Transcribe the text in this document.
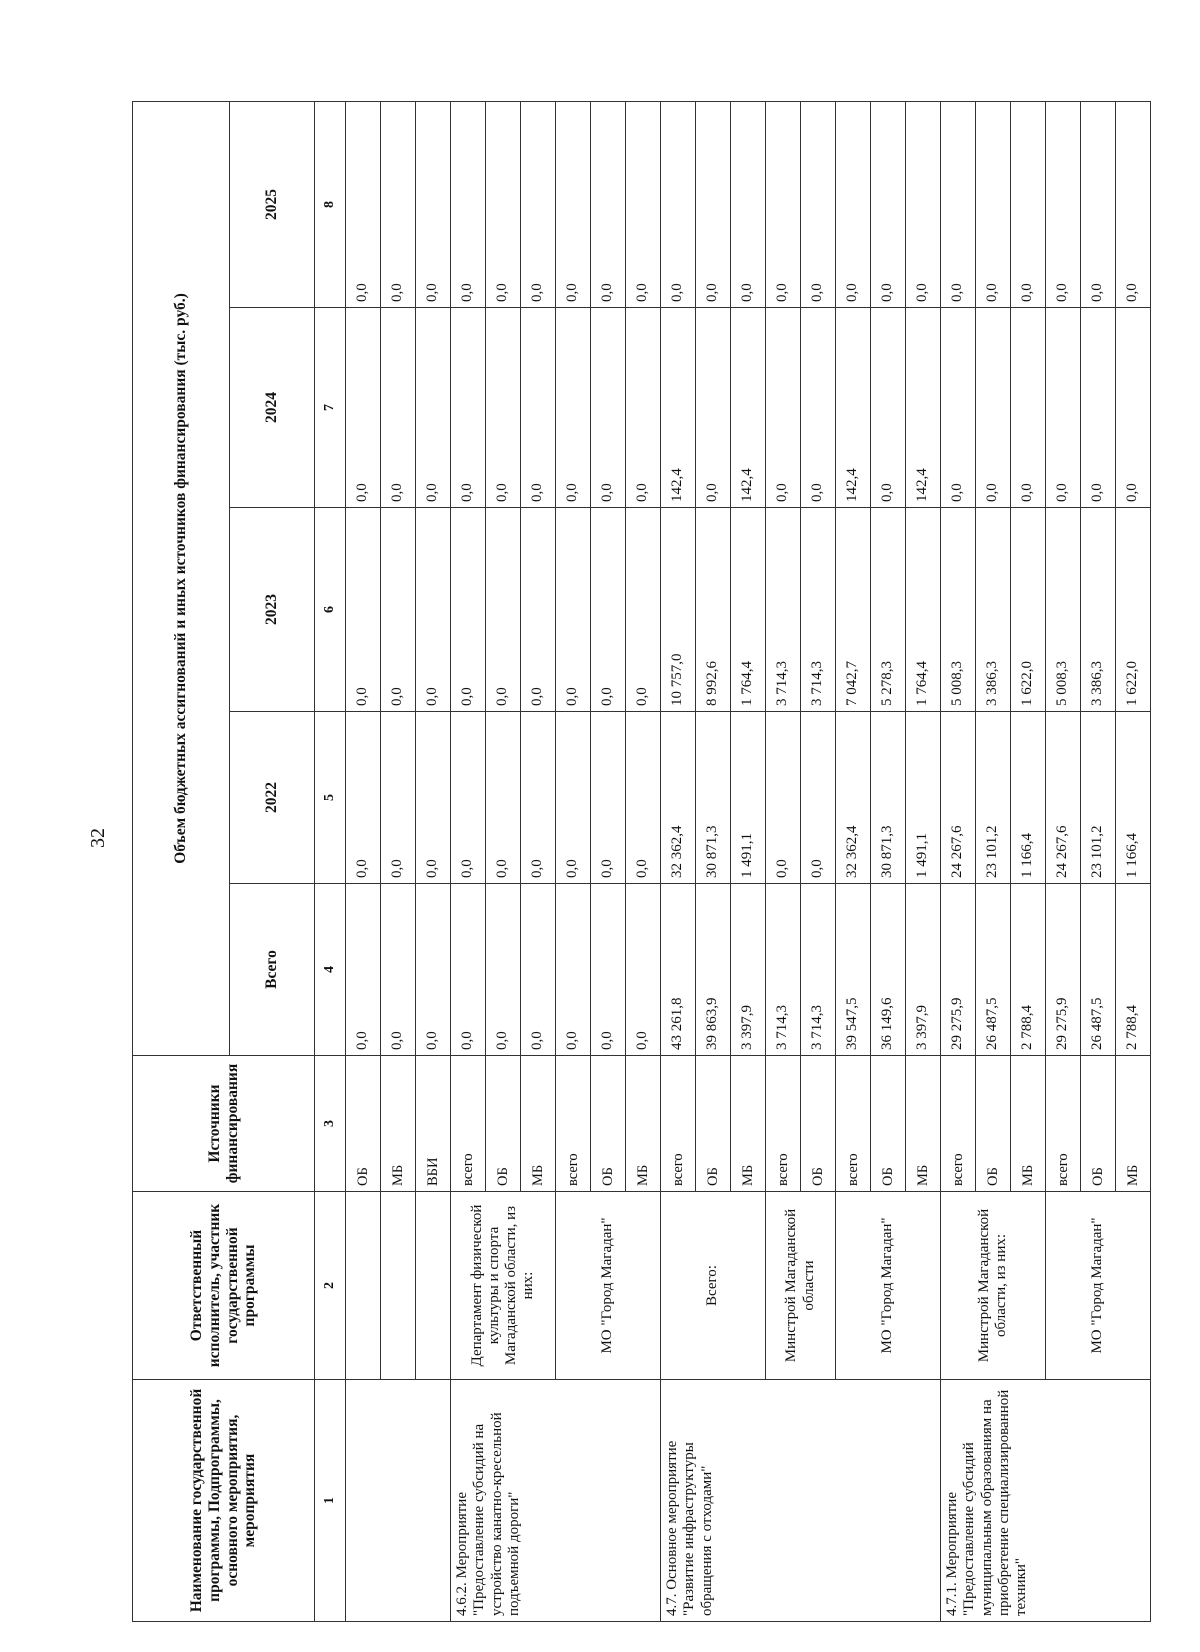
32
Наименование государственной программы, Подпрограммы, основного мероприятия, мероприятия	Ответственный исполнитель, участник государственной программы	Источники финансирования	Объем бюджетных ассигнований и иных источников финансирования (тыс. руб.)				
			Всего	2022	2023	2024	2025
1	2	3	4	5	6	7	8
		ОБ	0,0	0,0	0,0	0,0	0,0
		МБ	0,0	0,0	0,0	0,0	0,0
		ВБИ	0,0	0,0	0,0	0,0	0,0
4.6.2. Мероприятие "Предоставление субсидий на устройство канатно-кресельной подъемной дороги"	Департамент физической культуры и спорта Магаданской области, из них:	всего	0,0	0,0	0,0	0,0	0,0
		ОБ	0,0	0,0	0,0	0,0	0,0
		МБ	0,0	0,0	0,0	0,0	0,0
	МО "Город Магадан"	всего	0,0	0,0	0,0	0,0	0,0
		ОБ	0,0	0,0	0,0	0,0	0,0
		МБ	0,0	0,0	0,0	0,0	0,0
4.7. Основное мероприятие "Развитие инфраструктуры обращения с отходами"	Всего:	всего	43 261,8	32 362,4	10 757,0	142,4	0,0
		ОБ	39 863,9	30 871,3	8 992,6	0,0	0,0
		МБ	3 397,9	1 491,1	1 764,4	142,4	0,0
	Минстрой Магаданской области	всего	3 714,3	0,0	3 714,3	0,0	0,0
		ОБ	3 714,3	0,0	3 714,3	0,0	0,0
	МО "Город Магадан"	всего	39 547,5	32 362,4	7 042,7	142,4	0,0
		ОБ	36 149,6	30 871,3	5 278,3	0,0	0,0
		МБ	3 397,9	1 491,1	1 764,4	142,4	0,0
4.7.1. Мероприятие "Предоставление субсидий муниципальным образованиям на приобретение специализированной техники"	Минстрой Магаданской области, из них:	всего	29 275,9	24 267,6	5 008,3	0,0	0,0
		ОБ	26 487,5	23 101,2	3 386,3	0,0	0,0
		МБ	2 788,4	1 166,4	1 622,0	0,0	0,0
	МО "Город Магадан"	всего	29 275,9	24 267,6	5 008,3	0,0	0,0
		ОБ	26 487,5	23 101,2	3 386,3	0,0	0,0
		МБ	2 788,4	1 166,4	1 622,0	0,0	0,0
